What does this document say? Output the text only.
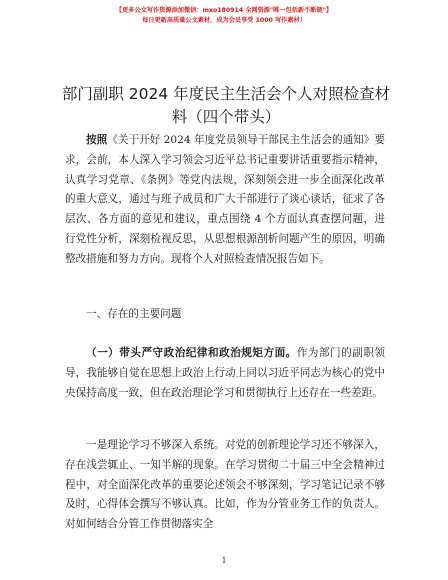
【更多公文写作资源添加微信：mxo180914 全网资源"唯一包括新不断链"】
每日更新高质量公文素材，成为会员享受 1000 写作素材！
部门副职 2024 年度民主生活会个人对照检查材
料（四个带头）

按照《关于开好 2024 年度党员领导干部民主生活会的通知》要求，会前，本人深入学习领会习近平总书记重要讲话重要指示精神，认真学习党章、《条例》等党内法规，深刻领会进一步全面深化改革的重大意义，通过与班子成员和广大干部进行了谈心谈话，征求了各层次、各方面的意见和建议，重点围绕 4 个方面认真查摆问题，进行党性分析，深刻检视反思，从思想根源剖析问题产生的原因，明确整改措施和努力方向。现将个人对照检查情况报告如下。

一、存在的主要问题

（一）带头严守政治纪律和政治规矩方面。作为部门的副职领导，我能够自觉在思想上政治上行动上同以习近平同志为核心的党中央保持高度一致，但在政治理论学习和贯彻执行上还存在一些差距。

一是理论学习不够深入系统。对党的创新理论学习还不够深入，存在浅尝辄止、一知半解的现象。在学习贯彻二十届三中全会精神过程中，对全面深化改革的重要论述领会不够深刻，学习笔记记录不够及时，心得体会撰写不够认真。比如，作为分管业务工作的负责人。对如何结合分管工作贯彻落实全

1
